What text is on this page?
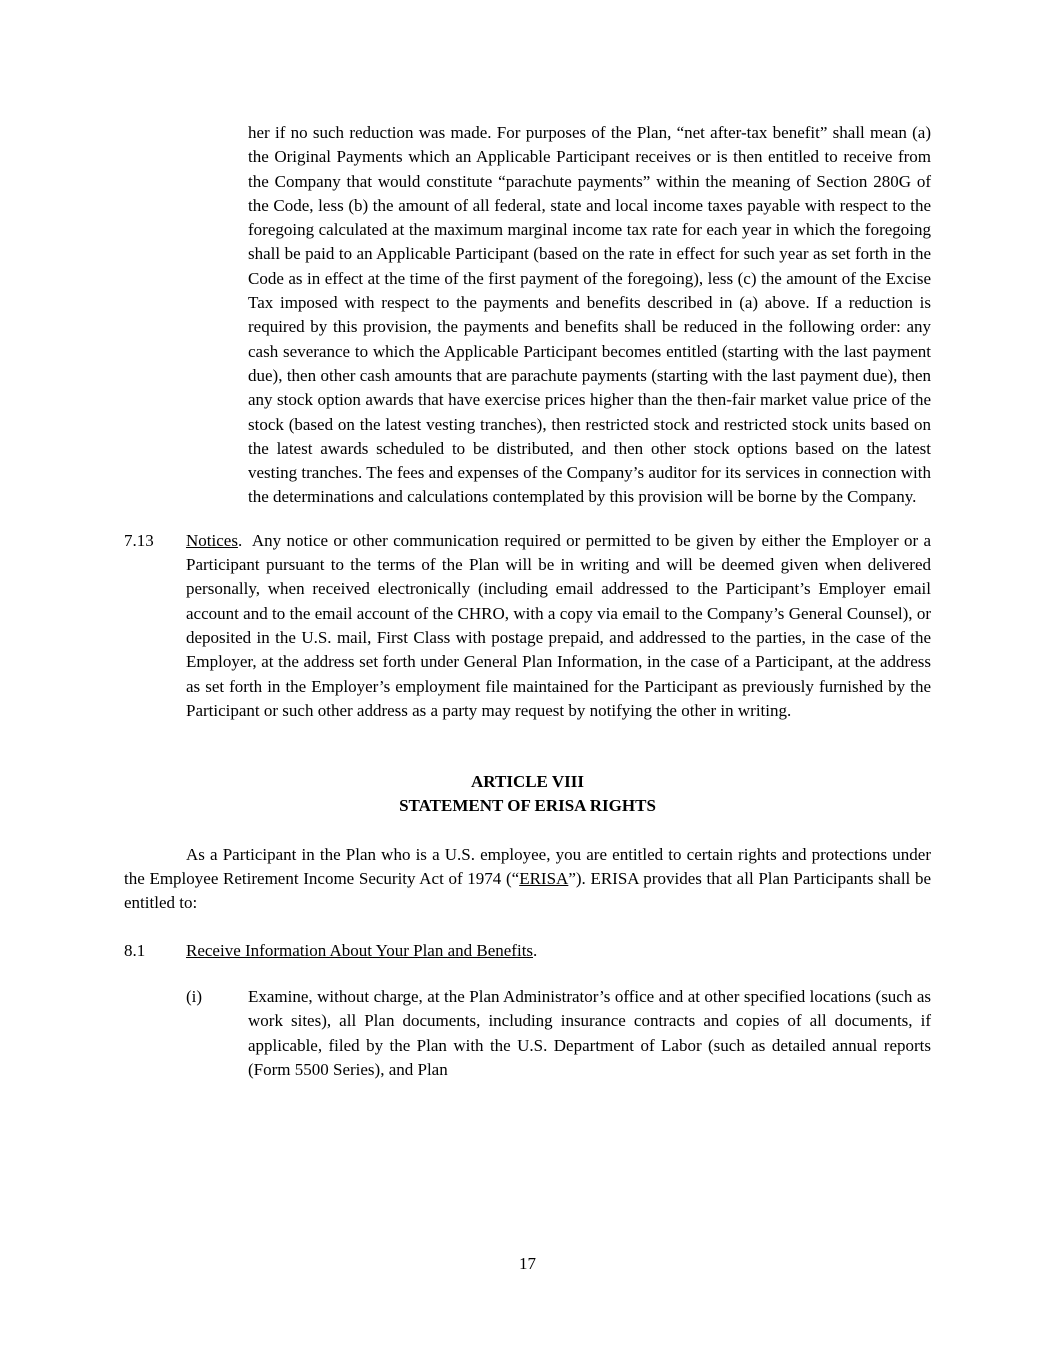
her if no such reduction was made. For purposes of the Plan, “net after-tax benefit” shall mean (a) the Original Payments which an Applicable Participant receives or is then entitled to receive from the Company that would constitute “parachute payments” within the meaning of Section 280G of the Code, less (b) the amount of all federal, state and local income taxes payable with respect to the foregoing calculated at the maximum marginal income tax rate for each year in which the foregoing shall be paid to an Applicable Participant (based on the rate in effect for such year as set forth in the Code as in effect at the time of the first payment of the foregoing), less (c) the amount of the Excise Tax imposed with respect to the payments and benefits described in (a) above. If a reduction is required by this provision, the payments and benefits shall be reduced in the following order: any cash severance to which the Applicable Participant becomes entitled (starting with the last payment due), then other cash amounts that are parachute payments (starting with the last payment due), then any stock option awards that have exercise prices higher than the then-fair market value price of the stock (based on the latest vesting tranches), then restricted stock and restricted stock units based on the latest awards scheduled to be distributed, and then other stock options based on the latest vesting tranches. The fees and expenses of the Company’s auditor for its services in connection with the determinations and calculations contemplated by this provision will be borne by the Company.

7.13 Notices.  Any notice or other communication required or permitted to be given by either the Employer or a Participant pursuant to the terms of the Plan will be in writing and will be deemed given when delivered personally, when received electronically (including email addressed to the Participant’s Employer email account and to the email account of the CHRO, with a copy via email to the Company’s General Counsel), or deposited in the U.S. mail, First Class with postage prepaid, and addressed to the parties, in the case of the Employer, at the address set forth under General Plan Information, in the case of a Participant, at the address as set forth in the Employer’s employment file maintained for the Participant as previously furnished by the Participant or such other address as a party may request by notifying the other in writing.

ARTICLE VIII
STATEMENT OF ERISA RIGHTS

As a Participant in the Plan who is a U.S. employee, you are entitled to certain rights and protections under the Employee Retirement Income Security Act of 1974 (“ERISA”). ERISA provides that all Plan Participants shall be entitled to:

8.1 Receive Information About Your Plan and Benefits.

(i)	Examine, without charge, at the Plan Administrator’s office and at other specified locations (such as work sites), all Plan documents, including insurance contracts and copies of all documents, if applicable, filed by the Plan with the U.S. Department of Labor (such as detailed annual reports (Form 5500 Series), and Plan

17
